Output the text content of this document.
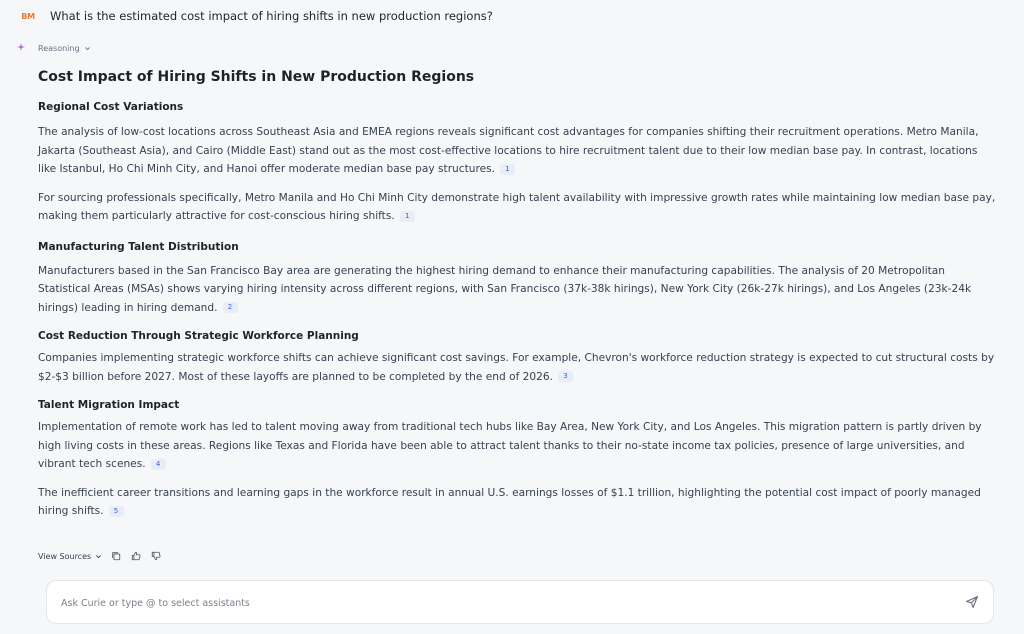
BM What is the estimated cost impact of hiring shifts in new production regions?
Reasoning
Cost Impact of Hiring Shifts in New Production Regions
Regional Cost Variations

The analysis of low-cost locations across Southeast Asia and EMEA regions reveals significant cost advantages for companies shifting their recruitment operations. Metro Manila, Jakarta (Southeast Asia), and Cairo (Middle East) stand out as the most cost-effective locations to hire recruitment talent due to their low median base pay. In contrast, locations like Istanbul, Ho Chi Minh City, and Hanoi offer moderate median base pay structures. 1

For sourcing professionals specifically, Metro Manila and Ho Chi Minh City demonstrate high talent availability with impressive growth rates while maintaining low median base pay, making them particularly attractive for cost-conscious hiring shifts. 1

Manufacturing Talent Distribution

Manufacturers based in the San Francisco Bay area are generating the highest hiring demand to enhance their manufacturing capabilities. The analysis of 20 Metropolitan Statistical Areas (MSAs) shows varying hiring intensity across different regions, with San Francisco (37k-38k hirings), New York City (26k-27k hirings), and Los Angeles (23k-24k hirings) leading in hiring demand. 2

Cost Reduction Through Strategic Workforce Planning

Companies implementing strategic workforce shifts can achieve significant cost savings. For example, Chevron's workforce reduction strategy is expected to cut structural costs by $2-$3 billion before 2027. Most of these layoffs are planned to be completed by the end of 2026. 3

Talent Migration Impact

Implementation of remote work has led to talent moving away from traditional tech hubs like Bay Area, New York City, and Los Angeles. This migration pattern is partly driven by high living costs in these areas. Regions like Texas and Florida have been able to attract talent thanks to their no-state income tax policies, presence of large universities, and vibrant tech scenes. 4

The inefficient career transitions and learning gaps in the workforce result in annual U.S. earnings losses of $1.1 trillion, highlighting the potential cost impact of poorly managed hiring shifts. 5

View Sources
Ask Curie or type @ to select assistants
